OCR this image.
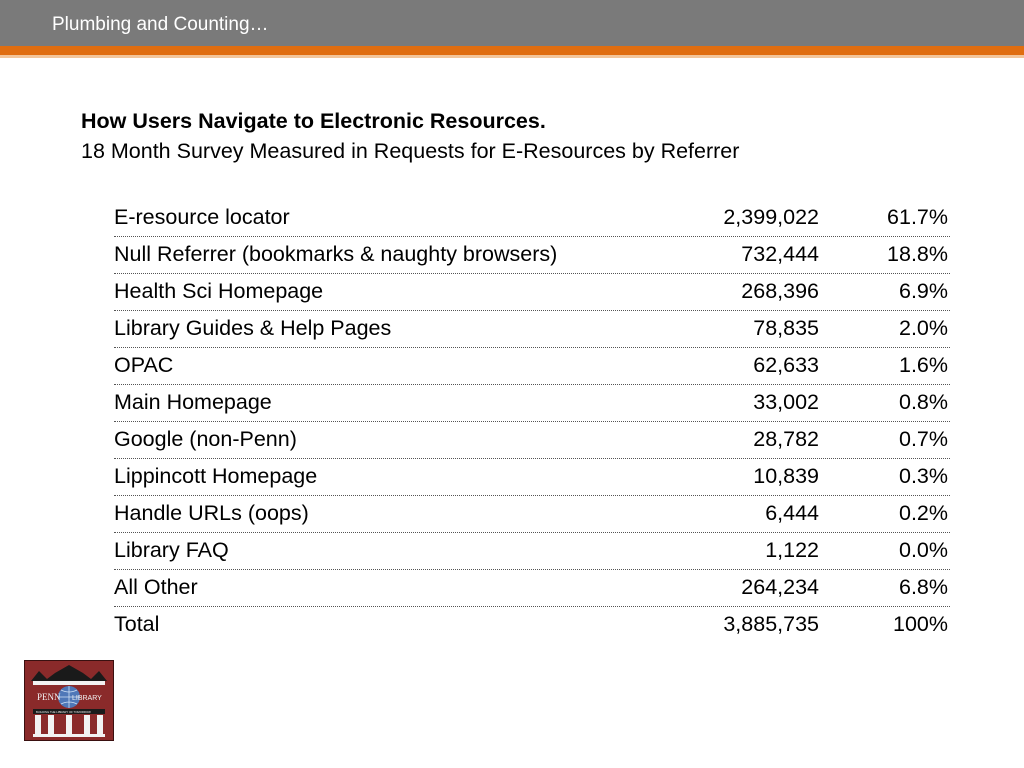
Plumbing and Counting…
How Users Navigate to Electronic Resources.
18 Month Survey Measured in Requests for E-Resources by Referrer
E-resource locator	2,399,022	61.7%
Null Referrer (bookmarks & naughty browsers)	732,444	18.8%
Health Sci Homepage	268,396	6.9%
Library Guides & Help Pages	78,835	2.0%
OPAC	62,633	1.6%
Main Homepage	33,002	0.8%
Google (non-Penn)	28,782	0.7%
Lippincott Homepage	10,839	0.3%
Handle URLs (oops)	6,444	0.2%
Library FAQ	1,122	0.0%
All Other	264,234	6.8%
Total	3,885,735	100%
PENN LIBRARY
BUILDING THE LIBRARY OF TOMORROW
